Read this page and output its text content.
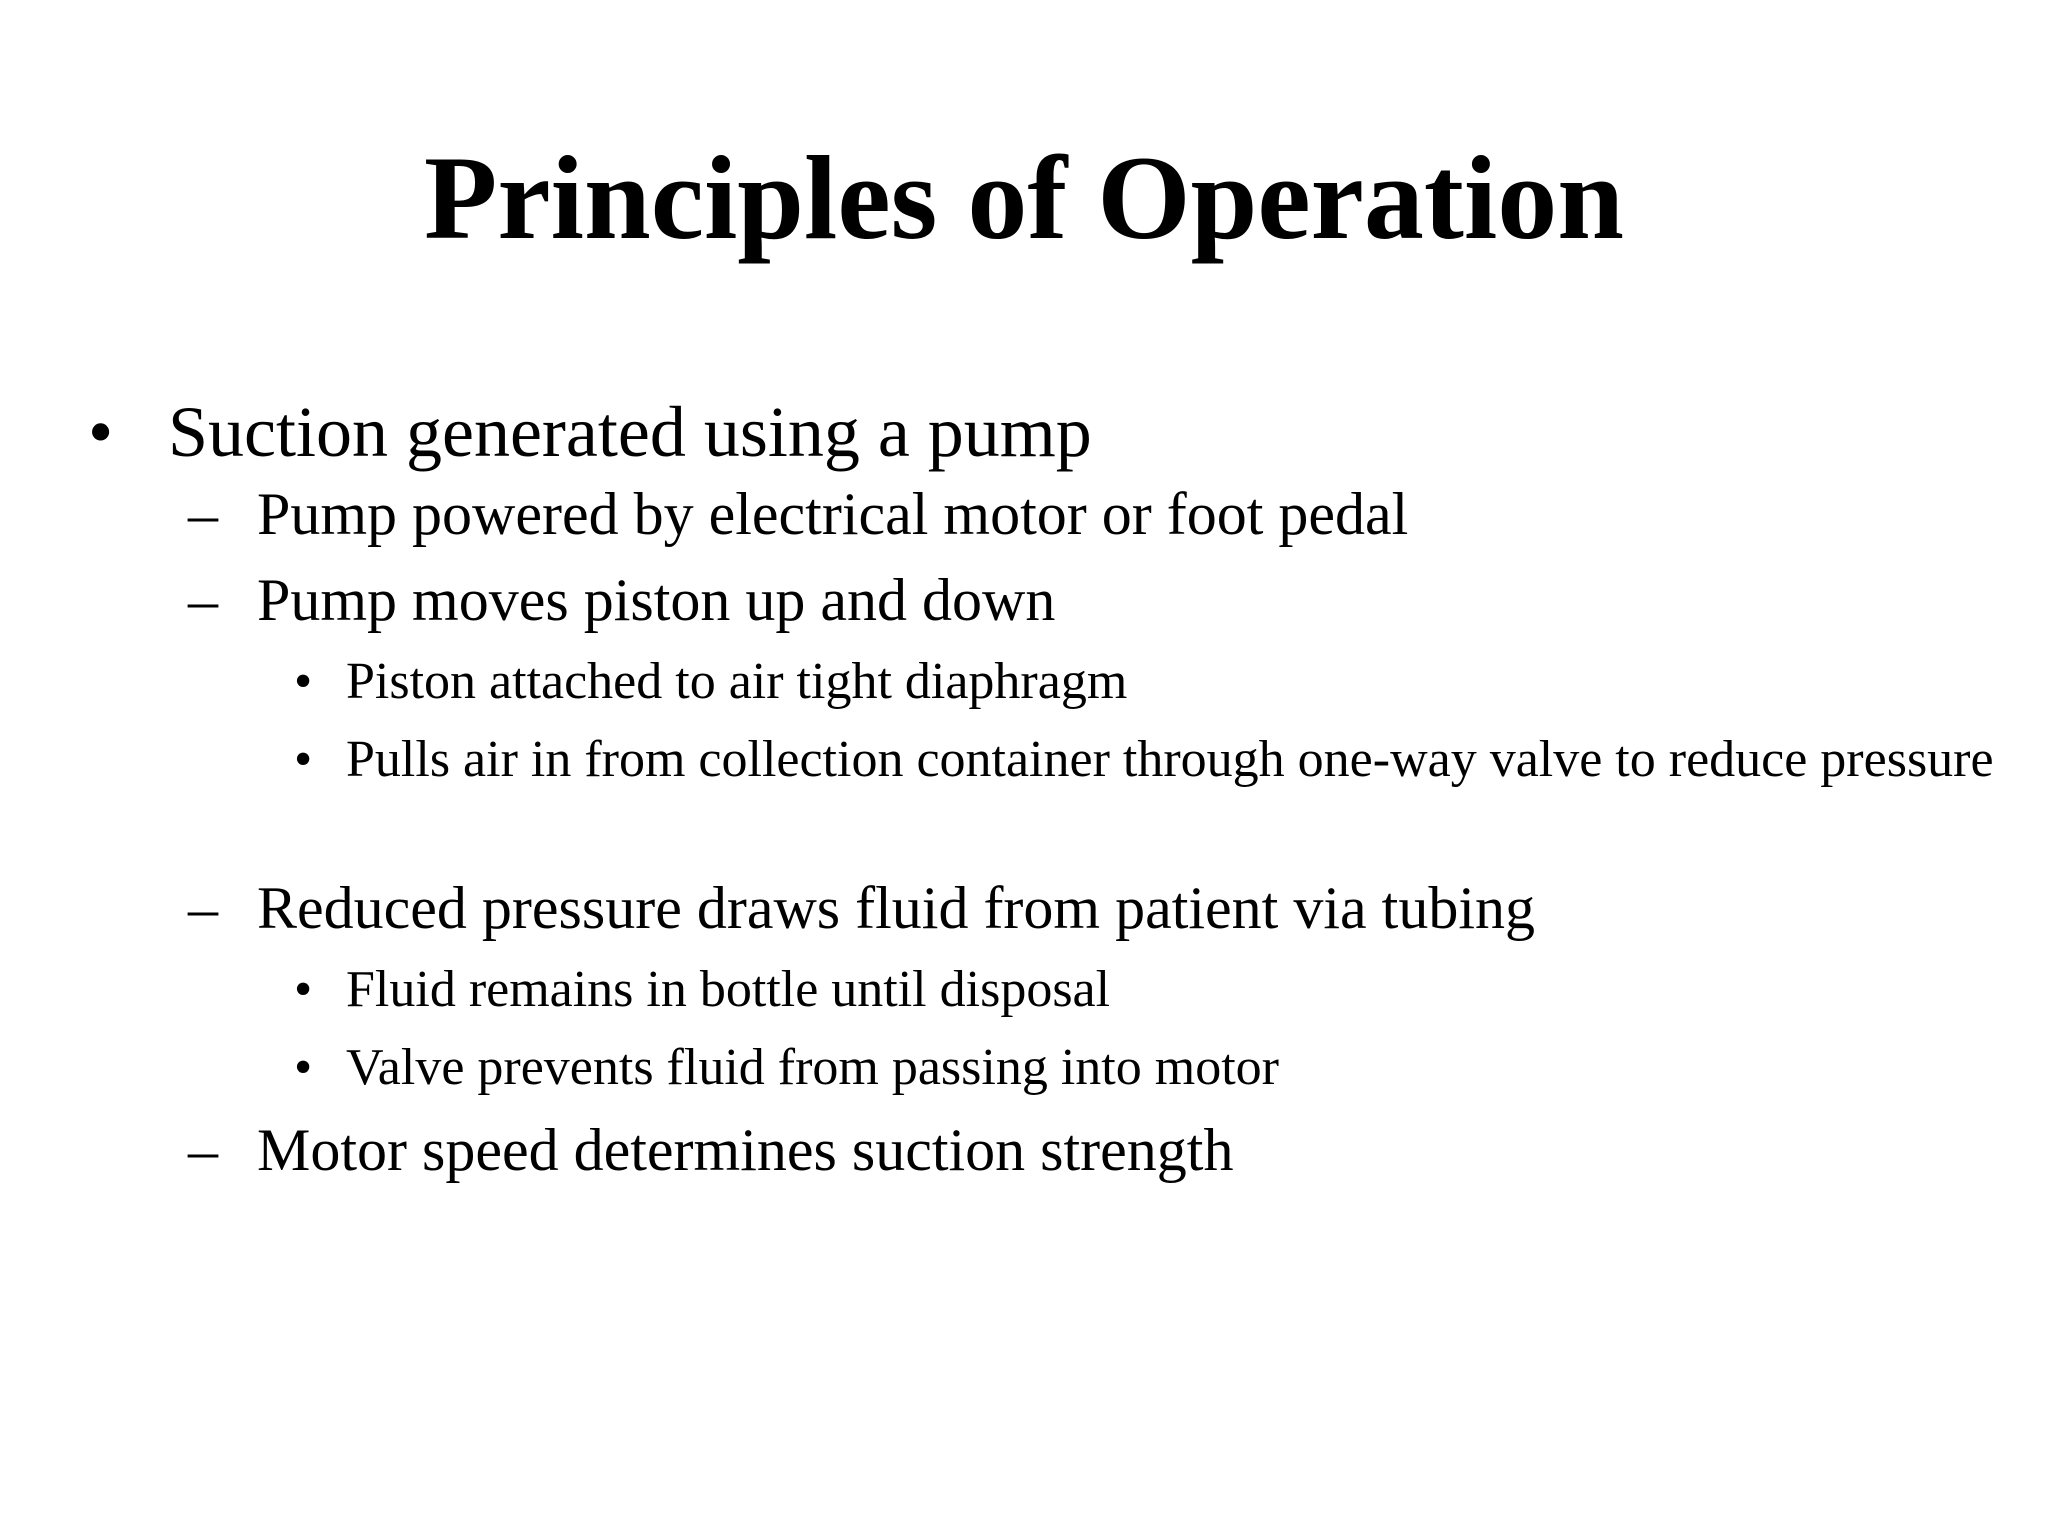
Principles of Operation
• Suction generated using a pump
– Pump powered by electrical motor or foot pedal
– Pump moves piston up and down
• Piston attached to air tight diaphragm
• Pulls air in from collection container through one-way valve to reduce pressure
– Reduced pressure draws fluid from patient via tubing
• Fluid remains in bottle until disposal
• Valve prevents fluid from passing into motor
– Motor speed determines suction strength
